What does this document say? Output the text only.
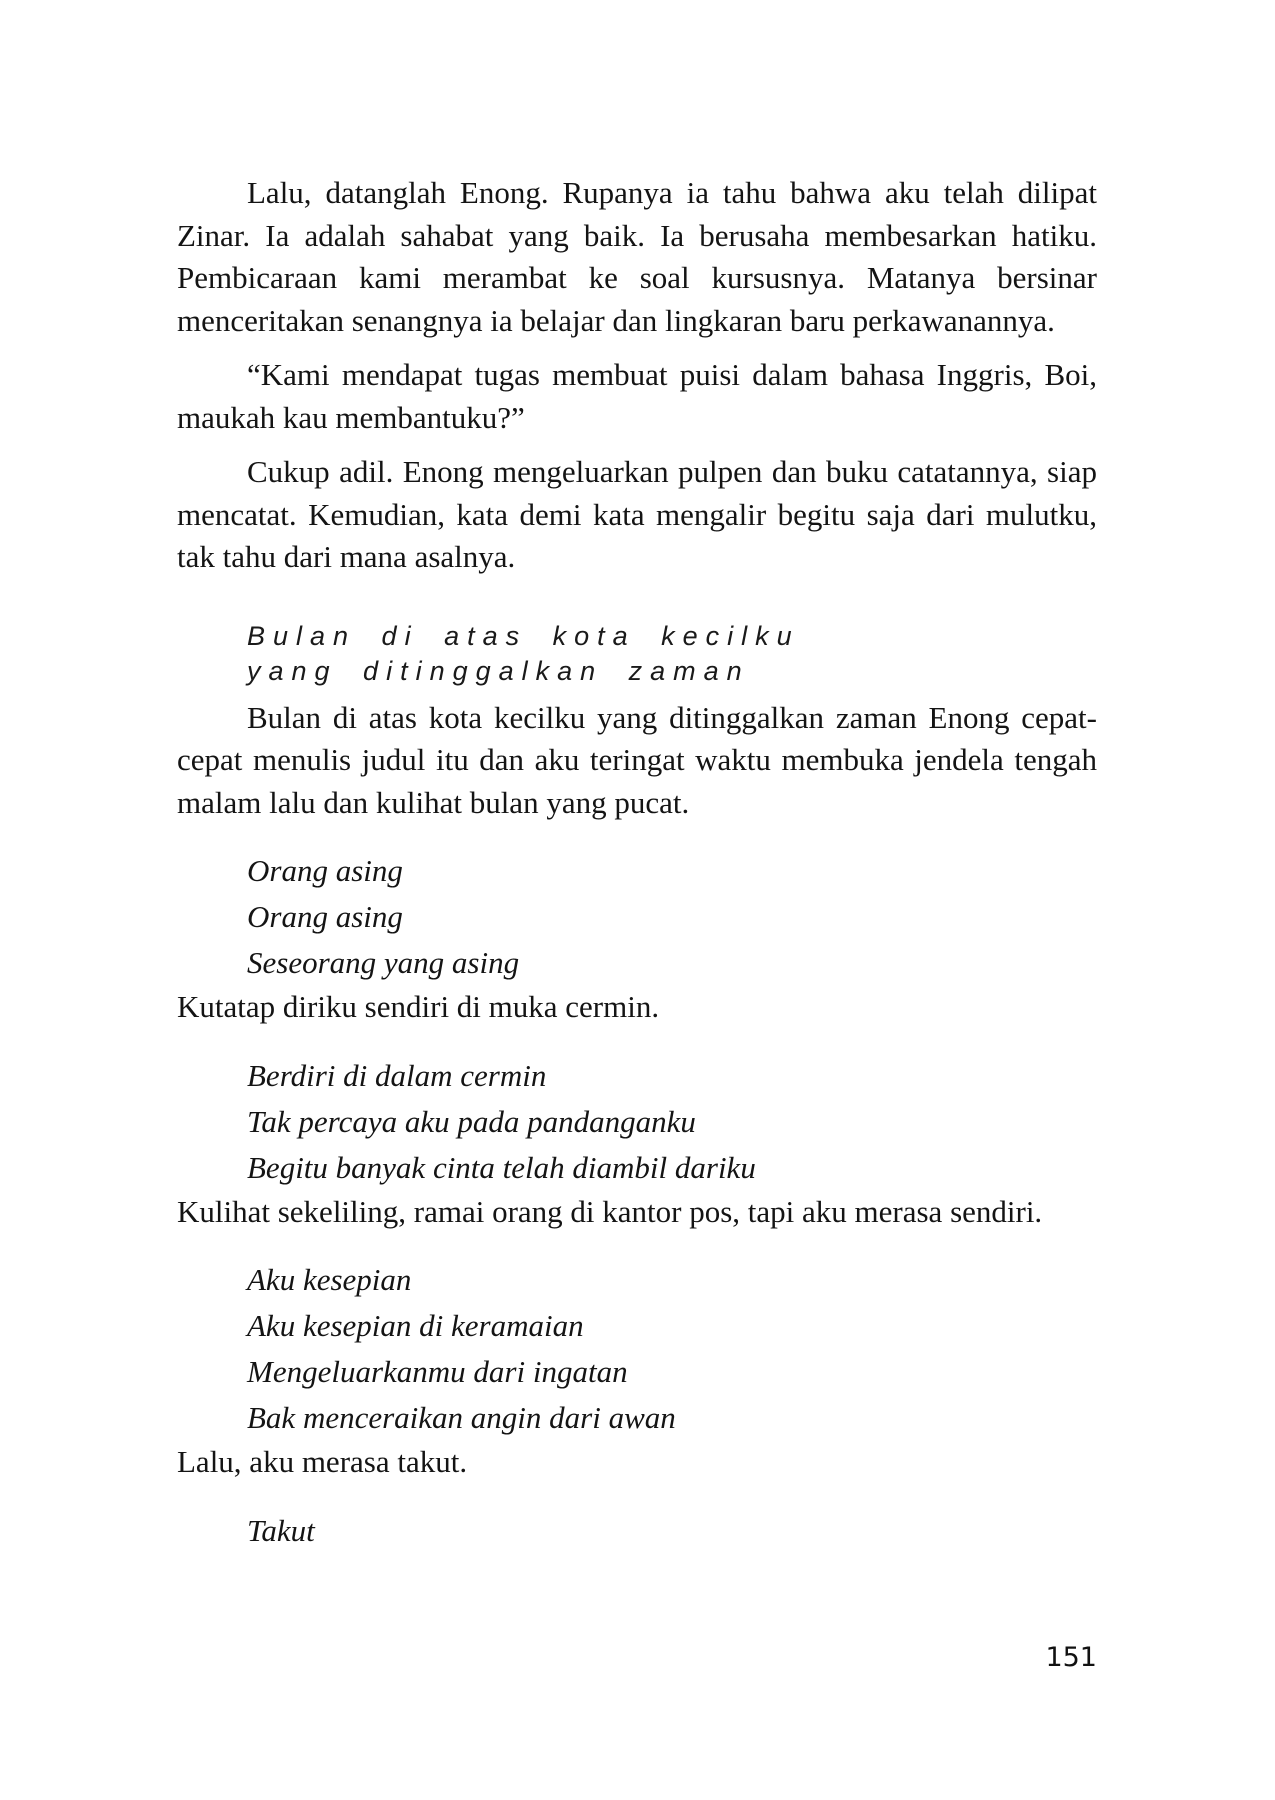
Lalu, datanglah Enong. Rupanya ia tahu bahwa aku telah dilipat Zinar. Ia adalah sahabat yang baik. Ia berusaha membesarkan hatiku. Pembicaraan kami merambat ke soal kursusnya. Matanya bersinar menceritakan senangnya ia belajar dan lingkaran baru perkawanannya.

“Kami mendapat tugas membuat puisi dalam bahasa Inggris, Boi, maukah kau membantuku?”

Cukup adil. Enong mengeluarkan pulpen dan buku catatannya, siap mencatat. Kemudian, kata demi kata mengalir begitu saja dari mulutku, tak tahu dari mana asalnya.

Bulan di atas kota kecilku
yang ditinggalkan zaman

Bulan di atas kota kecilku yang ditinggalkan zaman Enong cepat-cepat menulis judul itu dan aku teringat waktu membuka jendela tengah malam lalu dan kulihat bulan yang pucat.

Orang asing
Orang asing
Seseorang yang asing

Kutatap diriku sendiri di muka cermin.

Berdiri di dalam cermin
Tak percaya aku pada pandanganku
Begitu banyak cinta telah diambil dariku

Kulihat sekeliling, ramai orang di kantor pos, tapi aku merasa sendiri.

Aku kesepian
Aku kesepian di keramaian
Mengeluarkanmu dari ingatan
Bak menceraikan angin dari awan

Lalu, aku merasa takut.

Takut
151
